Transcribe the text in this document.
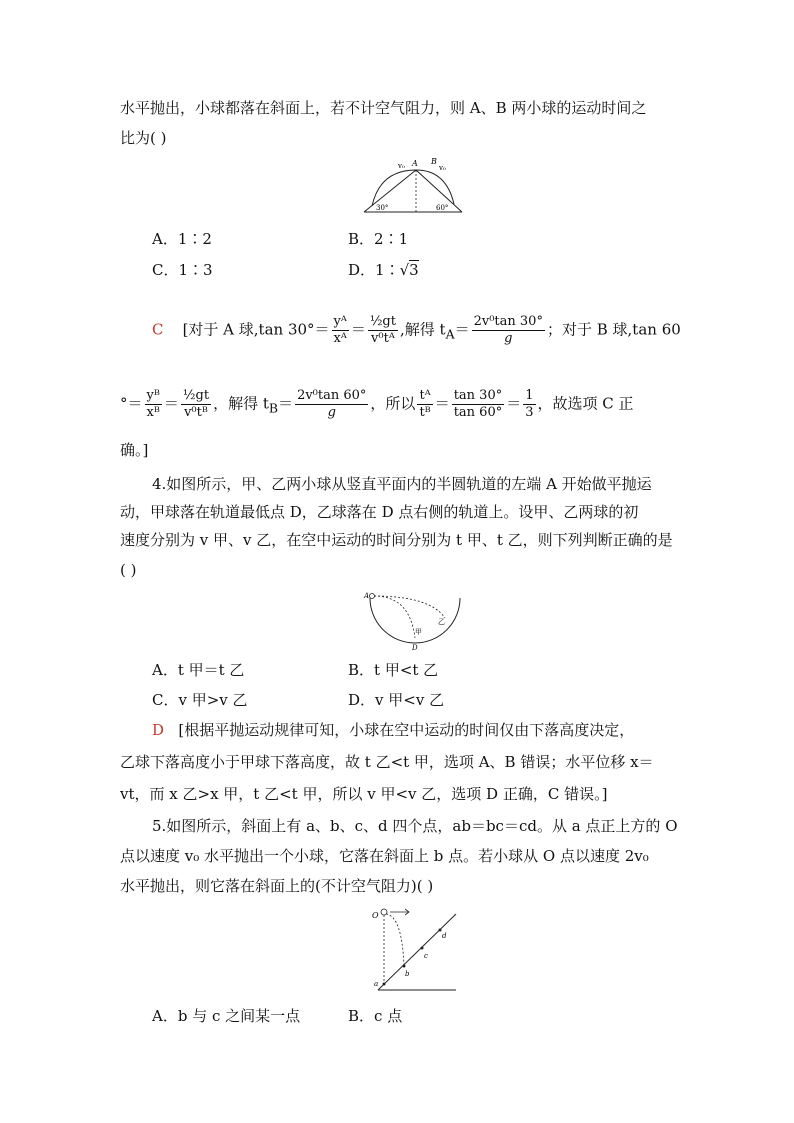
水平抛出，小球都落在斜面上，若不计空气阻力，则 A、B 两小球的运动时间之
比为( )
v₀ A B
v₀
30°	60°
A．1∶2	B．2∶1
C．1∶3	D．1∶√3
C [对于 A 球,tan $30^\circ= \frac{\text{yᴬ}}{\text{xᴬ}} = \frac{\text{½gt}}{\text{v⁰tᴬ}}$ ,解得 $t_A= \frac{\text{2v⁰tan 30°}}{g}$ ；对于 B 球,tan 60
°＝ $\frac{\text{yᴮ}}{\text{xᴮ}} = \frac{\text{½gt}}{\text{v⁰tᴮ}}$ ，解得 $t_B= \frac{\text{2v⁰tan 60°}}{g}$ ，所以 $\frac{\text{tᴬ}}{\text{tᴮ}} = \frac{\tan 30^\circ}{\tan 60^\circ} = \frac{1}{3}$ ，故选项 C 正
确。]
4.如图所示，甲、乙两小球从竖直平面内的半圆轨道的左端 A 开始做平抛运
动，甲球落在轨道最低点 D，乙球落在 D 点右侧的轨道上。设甲、乙两球的初
速度分别为 v 甲、v 乙，在空中运动的时间分别为 t 甲、t 乙，则下列判断正确的是
( )
A
D
甲
乙
A．t 甲＝t 乙	B．t 甲<t 乙
C．v 甲>v 乙	D．v 甲<v 乙
D [根据平抛运动规律可知，小球在空中运动的时间仅由下落高度决定，
乙球下落高度小于甲球下落高度，故 t 乙<t 甲，选项 A、B 错误；水平位移 x＝
vt，而 x 乙>x 甲，t 乙<t 甲，所以 v 甲<v 乙，选项 D 正确，C 错误。]
5.如图所示，斜面上有 a、b、c、d 四个点，ab＝bc＝cd。从 a 点正上方的 O
点以速度 v₀ 水平抛出一个小球，它落在斜面上 b 点。若小球从 O 点以速度 2v₀
水平抛出，则它落在斜面上的(不计空气阻力)( )
O
a
b
c
d
A．b 与 c 之间某一点	B．c 点
